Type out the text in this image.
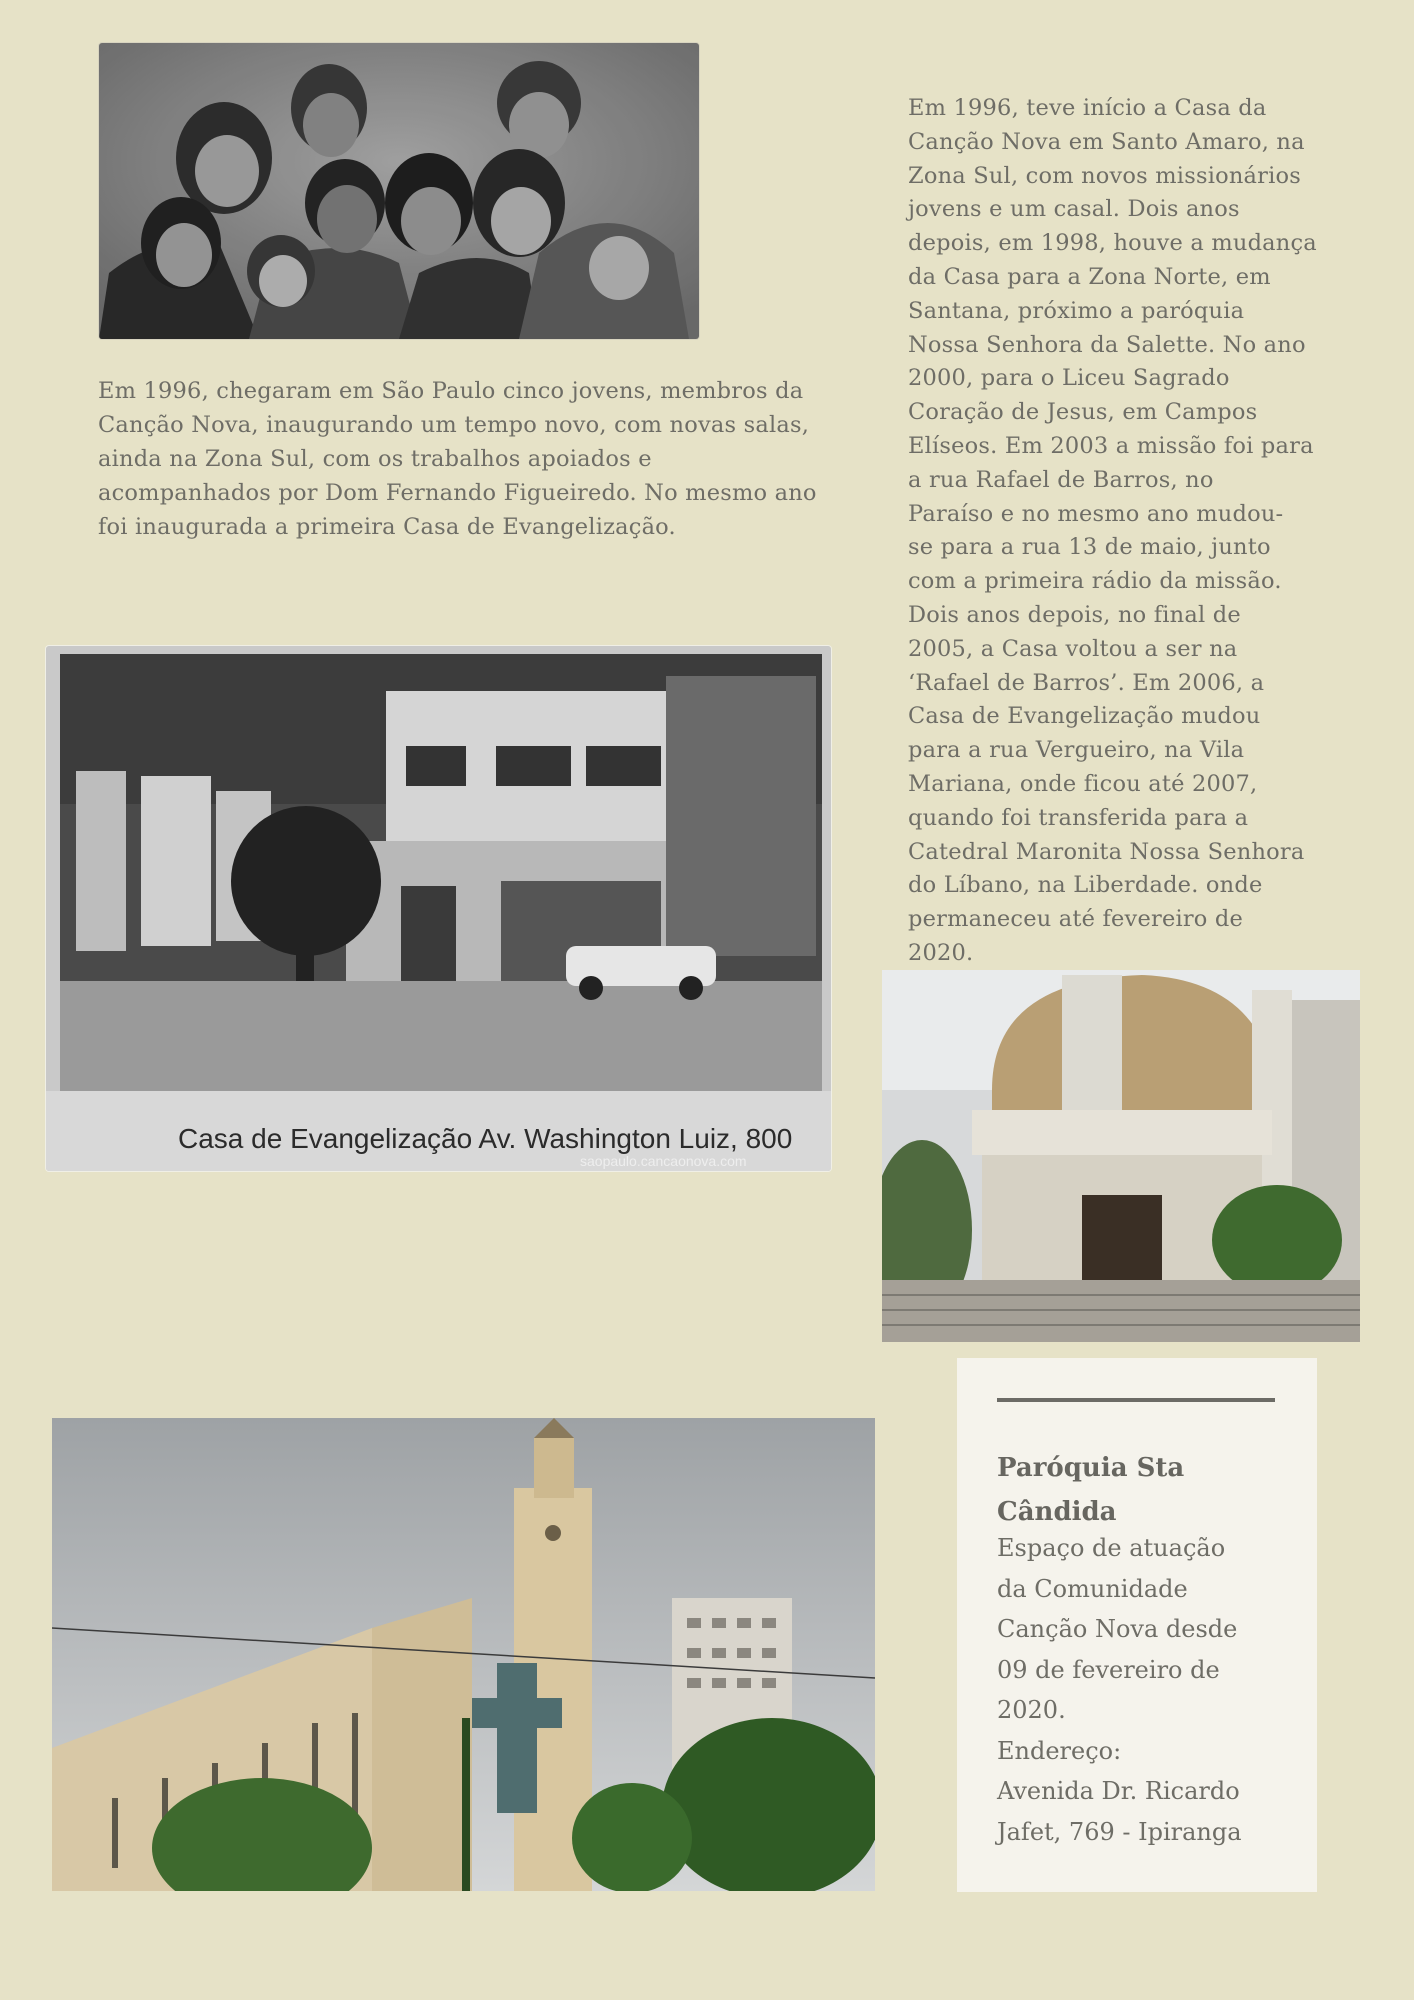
Em 1996, chegaram em São Paulo cinco jovens, membros da
Canção Nova, inaugurando um tempo novo, com novas salas,
ainda na Zona Sul, com os trabalhos apoiados e
acompanhados por Dom Fernando Figueiredo. No mesmo ano
foi inaugurada a primeira Casa de Evangelização.
Em 1996, teve início a Casa da
Canção Nova em Santo Amaro, na
Zona Sul, com novos missionários
jovens e um casal. Dois anos
depois, em 1998, houve a mudança
da Casa para a Zona Norte, em
Santana, próximo a paróquia
Nossa Senhora da Salette. No ano
2000, para o Liceu Sagrado
Coração de Jesus, em Campos
Elíseos. Em 2003 a missão foi para
a rua Rafael de Barros, no
Paraíso e no mesmo ano mudou-
se para a rua 13 de maio, junto
com a primeira rádio da missão.
Dois anos depois, no final de
2005, a Casa voltou a ser na
‘Rafael de Barros’. Em 2006, a
Casa de Evangelização mudou
para a rua Vergueiro, na Vila
Mariana, onde ficou até 2007,
quando foi transferida para a
Catedral Maronita Nossa Senhora
do Líbano, na Liberdade. onde
permaneceu até fevereiro de
2020.
Casa de Evangelização Av. Washington Luiz, 800
saopaulo.cancaonova.com
Paróquia Sta
Cândida
Espaço de atuação
da Comunidade
Canção Nova desde
09 de fevereiro de
2020.
Endereço:
Avenida Dr. Ricardo
Jafet, 769 - Ipiranga
